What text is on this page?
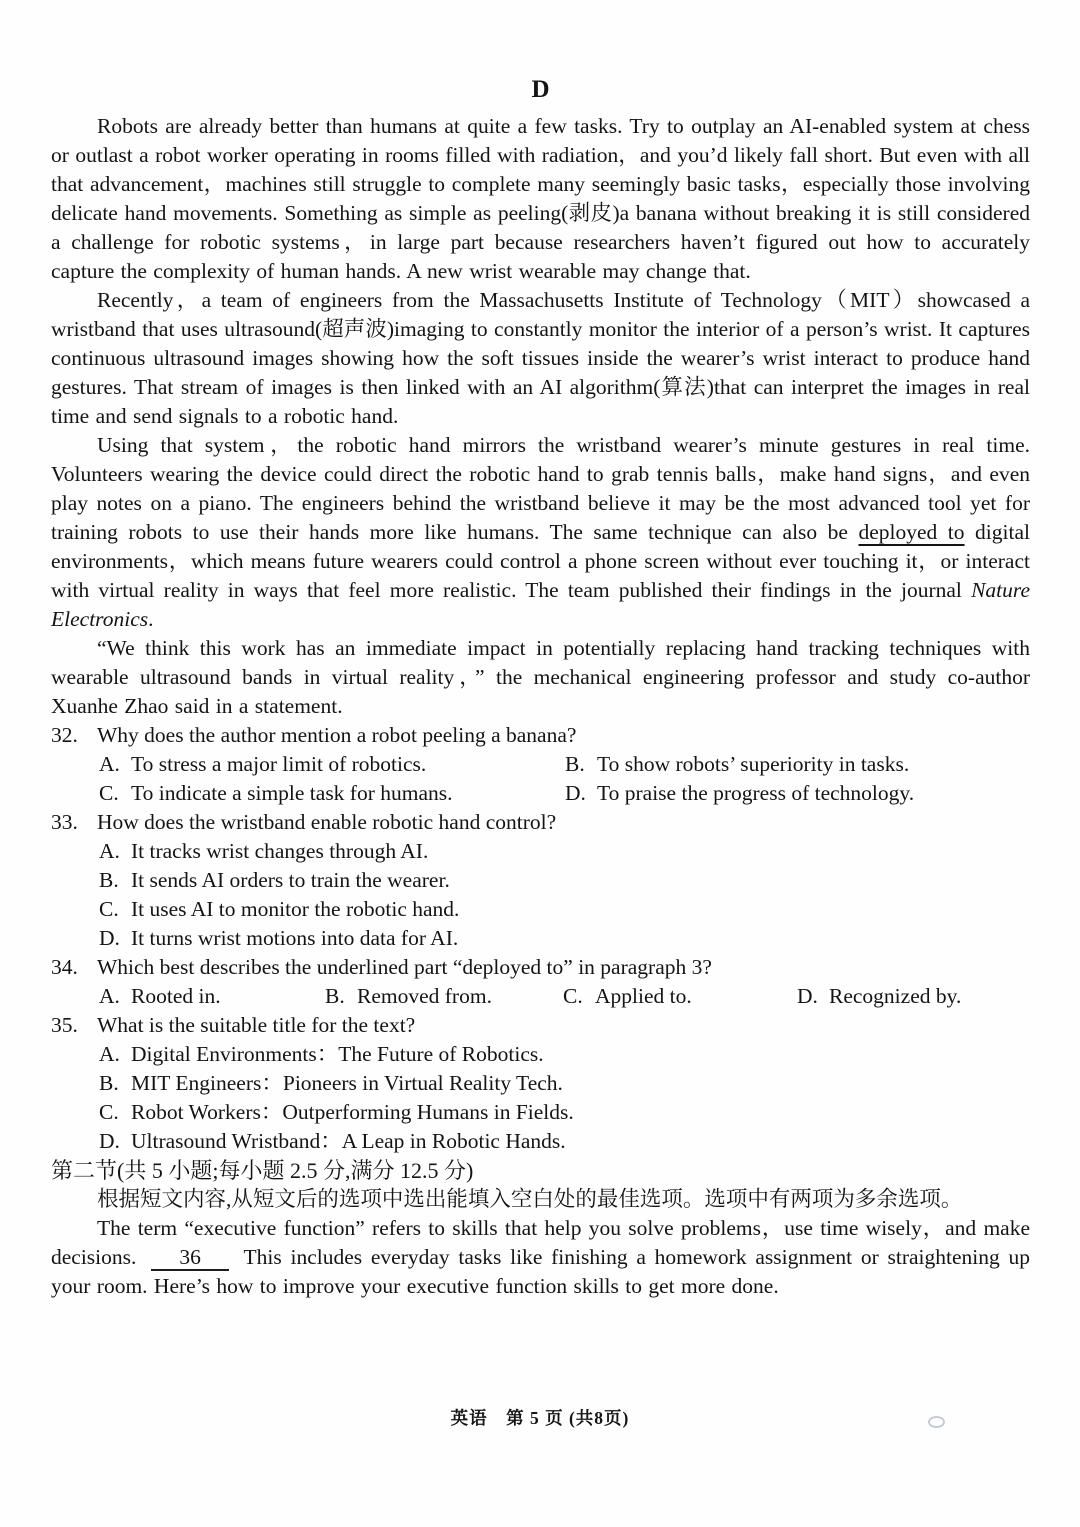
D
Robots are already better than humans at quite a few tasks. Try to outplay an AI-enabled system at chess or outlast a robot worker operating in rooms filled with radiation，and you’d likely fall short. But even with all that advancement，machines still struggle to complete many seemingly basic tasks，especially those involving delicate hand movements. Something as simple as peeling(剥皮)a banana without breaking it is still considered a challenge for robotic systems，in large part because researchers haven’t figured out how to accurately capture the complexity of human hands. A new wrist wearable may change that.
Recently，a team of engineers from the Massachusetts Institute of Technology（MIT）showcased a wristband that uses ultrasound(超声波)imaging to constantly monitor the interior of a person’s wrist. It captures continuous ultrasound images showing how the soft tissues inside the wearer’s wrist interact to produce hand gestures. That stream of images is then linked with an AI algorithm(算法)that can interpret the images in real time and send signals to a robotic hand.
Using that system，the robotic hand mirrors the wristband wearer’s minute gestures in real time. Volunteers wearing the device could direct the robotic hand to grab tennis balls，make hand signs，and even play notes on a piano. The engineers behind the wristband believe it may be the most advanced tool yet for training robots to use their hands more like humans. The same technique can also be deployed to digital environments，which means future wearers could control a phone screen without ever touching it，or interact with virtual reality in ways that feel more realistic. The team published their findings in the journal Nature Electronics.
“We think this work has an immediate impact in potentially replacing hand tracking techniques with wearable ultrasound bands in virtual reality，” the mechanical engineering professor and study co-author Xuanhe Zhao said in a statement.
32. Why does the author mention a robot peeling a banana?
A. To stress a major limit of robotics.	B. To show robots’ superiority in tasks.
C. To indicate a simple task for humans.	D. To praise the progress of technology.
33. How does the wristband enable robotic hand control?
A. It tracks wrist changes through AI.
B. It sends AI orders to train the wearer.
C. It uses AI to monitor the robotic hand.
D. It turns wrist motions into data for AI.
34. Which best describes the underlined part “deployed to” in paragraph 3?
A. Rooted in.	B. Removed from.	C. Applied to.	D. Recognized by.
35. What is the suitable title for the text?
A. Digital Environments：The Future of Robotics.
B. MIT Engineers：Pioneers in Virtual Reality Tech.
C. Robot Workers：Outperforming Humans in Fields.
D. Ultrasound Wristband：A Leap in Robotic Hands.
第二节(共 5 小题;每小题 2.5 分,满分 12.5 分)
根据短文内容,从短文后的选项中选出能填入空白处的最佳选项。选项中有两项为多余选项。
The term “executive function” refers to skills that help you solve problems，use time wisely，and make decisions. 36 This includes everyday tasks like finishing a homework assignment or straightening up your room. Here’s how to improve your executive function skills to get more done.
英语　第 5 页 (共8页)
